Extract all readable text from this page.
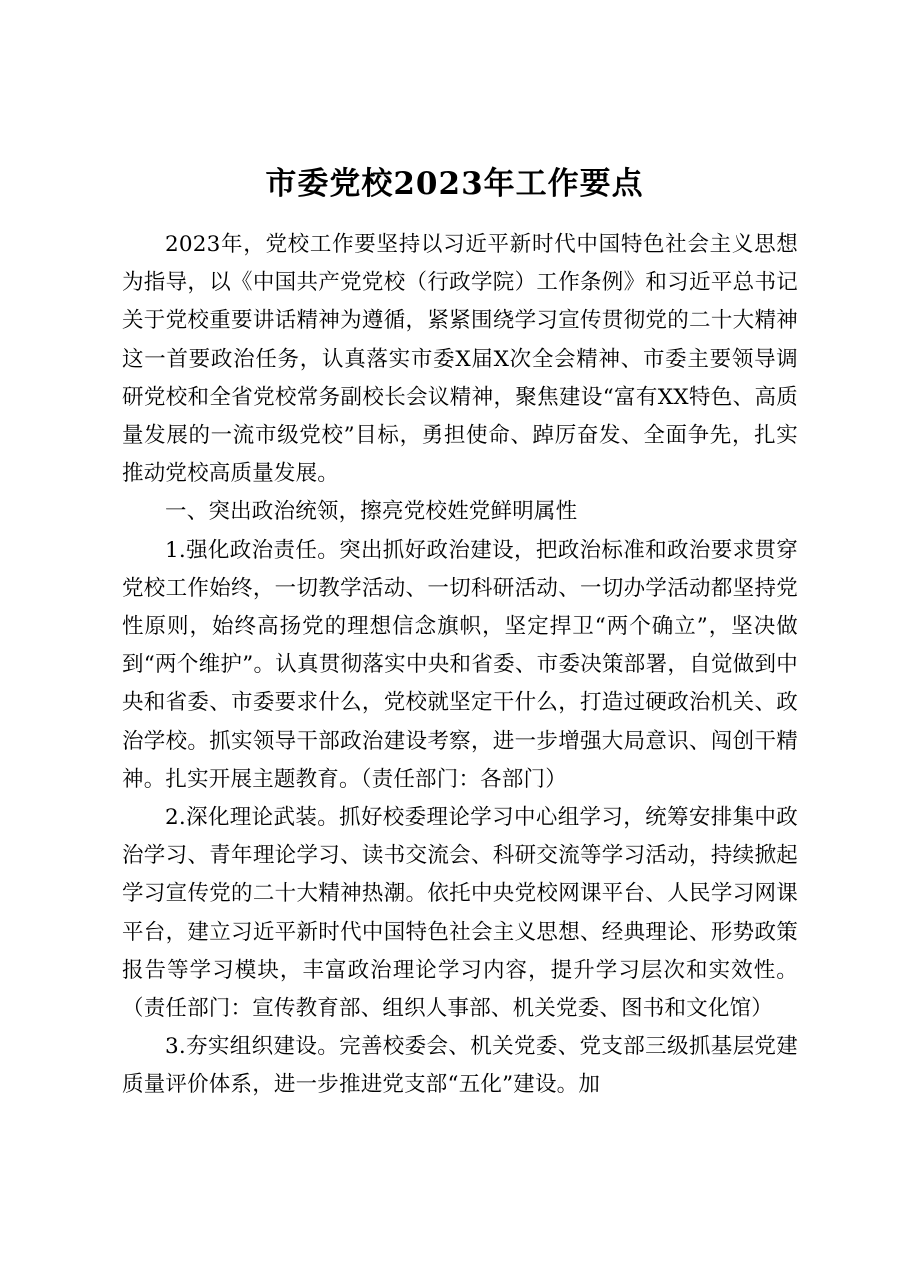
市委党校2023年工作要点

2023年，党校工作要坚持以习近平新时代中国特色社会主义思想为指导，以《中国共产党党校（行政学院）工作条例》和习近平总书记关于党校重要讲话精神为遵循，紧紧围绕学习宣传贯彻党的二十大精神这一首要政治任务，认真落实市委X届X次全会精神、市委主要领导调研党校和全省党校常务副校长会议精神，聚焦建设“富有XX特色、高质量发展的一流市级党校”目标，勇担使命、踔厉奋发、全面争先，扎实推动党校高质量发展。

一、突出政治统领，擦亮党校姓党鲜明属性

1.强化政治责任。突出抓好政治建设，把政治标准和政治要求贯穿党校工作始终，一切教学活动、一切科研活动、一切办学活动都坚持党性原则，始终高扬党的理想信念旗帜，坚定捍卫“两个确立”，坚决做到“两个维护”。认真贯彻落实中央和省委、市委决策部署，自觉做到中央和省委、市委要求什么，党校就坚定干什么，打造过硬政治机关、政治学校。抓实领导干部政治建设考察，进一步增强大局意识、闯创干精神。扎实开展主题教育。（责任部门：各部门）

2.深化理论武装。抓好校委理论学习中心组学习，统筹安排集中政治学习、青年理论学习、读书交流会、科研交流等学习活动，持续掀起学习宣传党的二十大精神热潮。依托中央党校网课平台、人民学习网课平台，建立习近平新时代中国特色社会主义思想、经典理论、形势政策报告等学习模块，丰富政治理论学习内容，提升学习层次和实效性。（责任部门：宣传教育部、组织人事部、机关党委、图书和文化馆）

3.夯实组织建设。完善校委会、机关党委、党支部三级抓基层党建质量评价体系，进一步推进党支部“五化”建设。加
